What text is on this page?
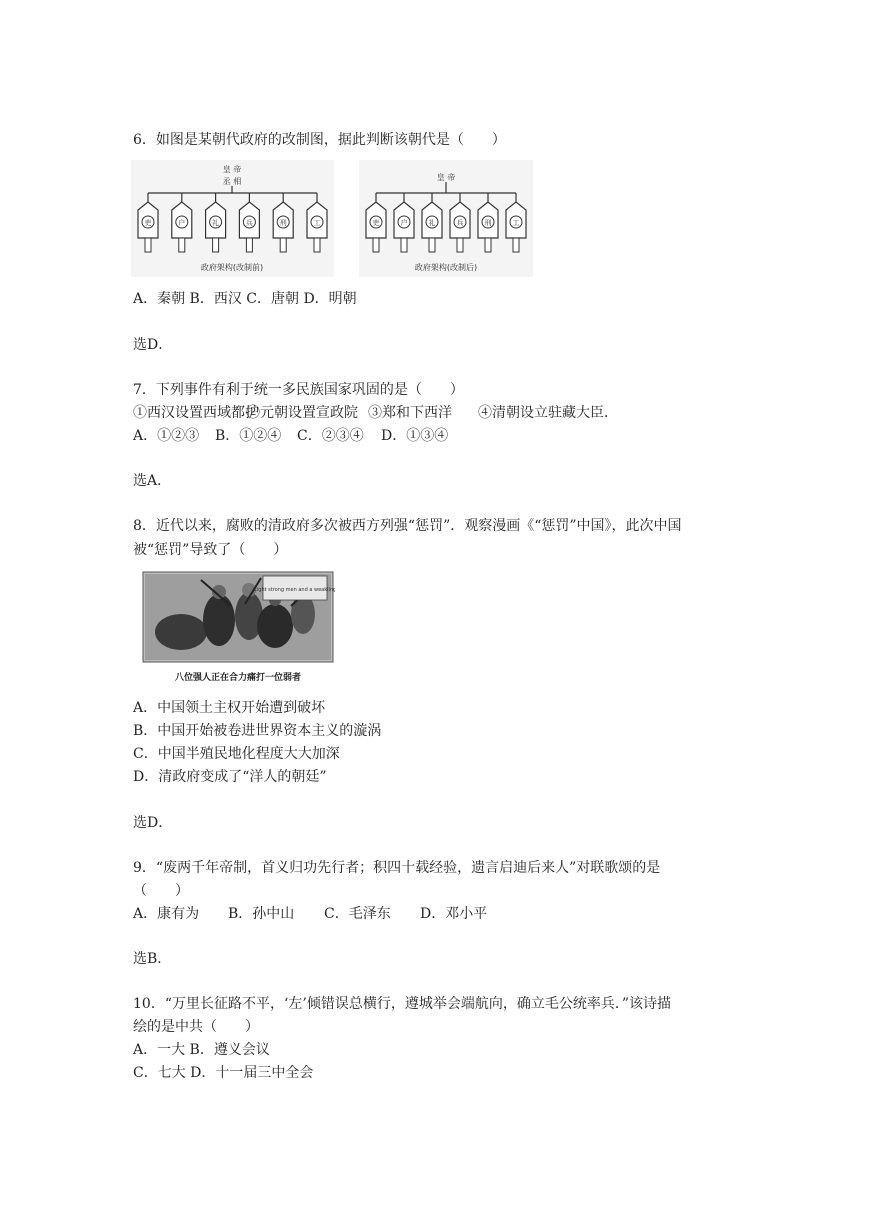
6．如图是某朝代政府的改制图，据此判断该朝代是（　　）
皇 帝
丞 相
吏	户	礼	兵	刑	工
政府架构(改制前)
皇 帝
吏	户	礼	兵	刑	工
政府架构(改制后)
A．秦朝 B．西汉 C．唐朝 D．明朝
选D．
7．下列事件有利于统一多民族国家巩固的是（　　）
①西汉设置西域都护②元朝设置宣政院 ③郑和下西洋 ④清朝设立驻藏大臣．
A．①②③ B．①②④ C．②③④ D．①③④
选A．
8．近代以来，腐败的清政府多次被西方列强“惩罚”．观察漫画《“惩罚”中国》，此次中国
被“惩罚”导致了（　　）
Eight strong men and a weakling
八位强人正在合力痛打一位弱者
A．中国领土主权开始遭到破坏
B．中国开始被卷进世界资本主义的漩涡
C．中国半殖民地化程度大大加深
D．清政府变成了“洋人的朝廷”
选D．
9．“废两千年帝制，首义归功先行者；积四十载经验，遗言启迪后来人”对联歌颂的是
（　　）
A．康有为 B．孙中山 C．毛泽东 D．邓小平
选B．
10．“万里长征路不平，‘左’倾错误总横行，遵城举会端航向，确立毛公统率兵．”该诗描
绘的是中共（　　）
A．一大 B．遵义会议
C．七大 D．十一届三中全会
